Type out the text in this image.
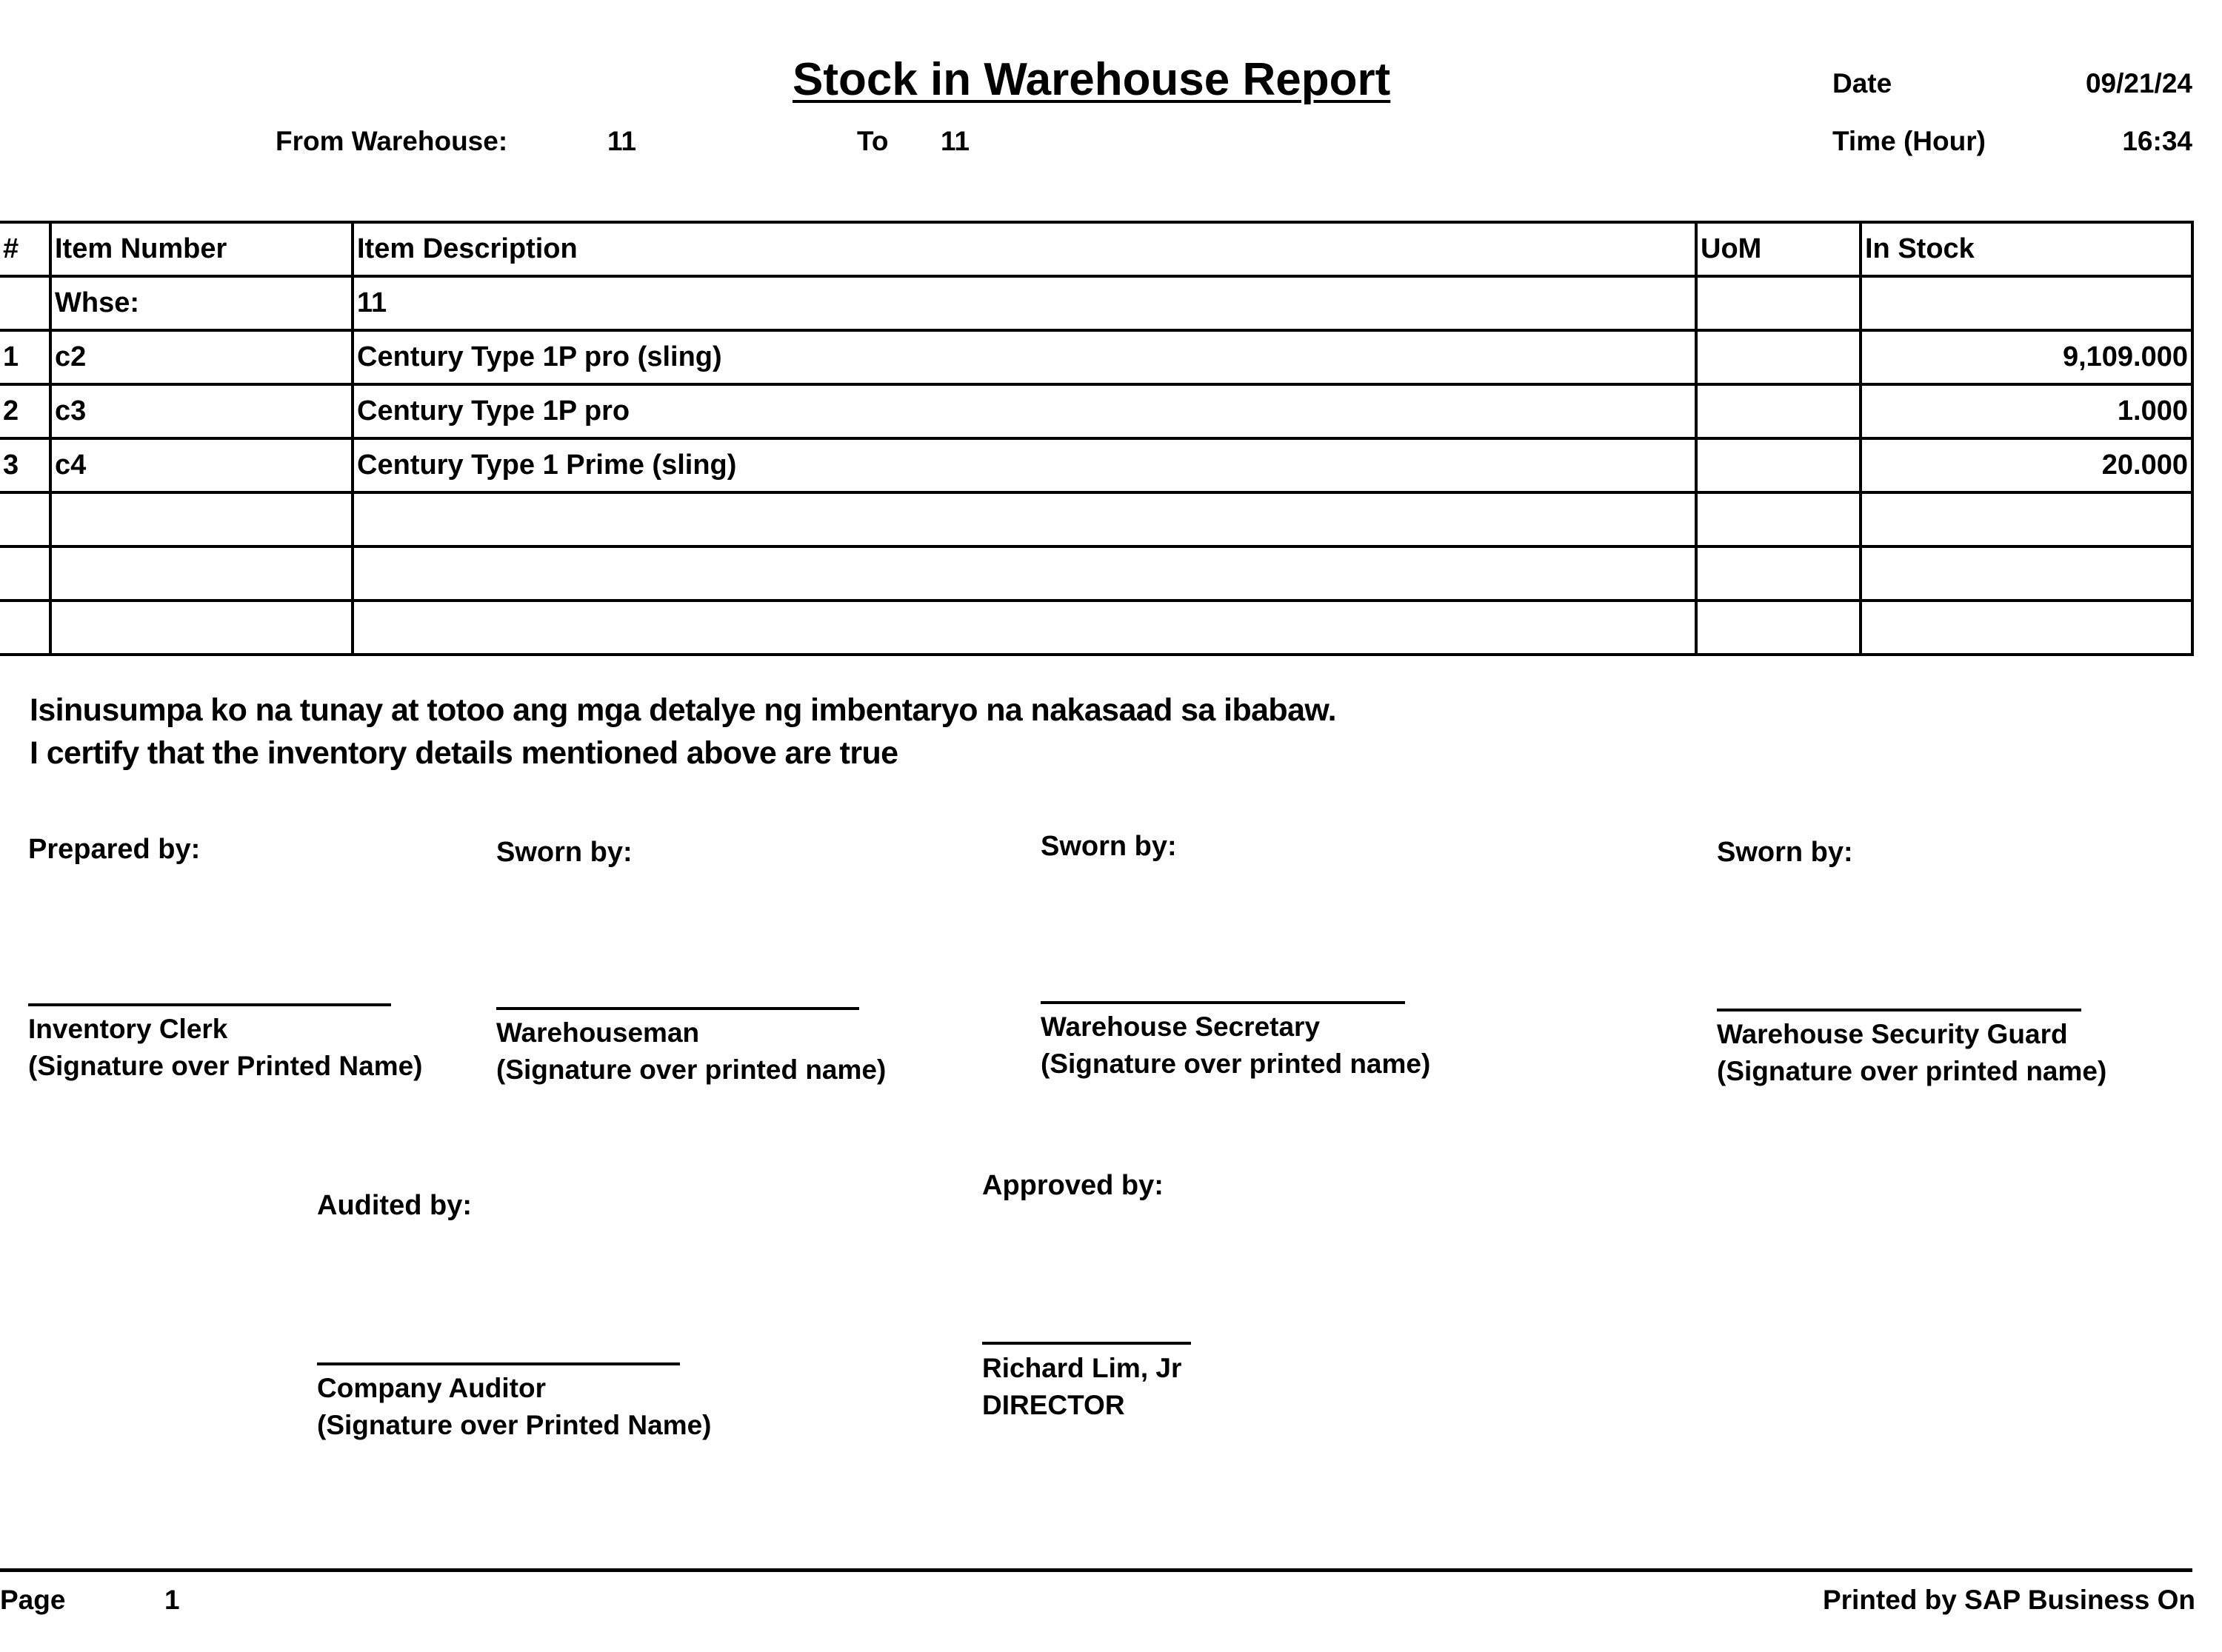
Stock in Warehouse Report	Date	09/21/24
Time (Hour)	16:34
From Warehouse:	11	To 11
#	Item Number	Item Description	UoM	In Stock
	Whse:	11		
1	c2	Century Type 1P pro (sling)		9,109.000
2	c3	Century Type 1P pro		1.000
3	c4	Century Type 1 Prime (sling)		20.000

Isinusumpa ko na tunay at totoo ang mga detalye ng imbentaryo na nakasaad sa ibabaw.
I certify that the inventory details mentioned above are true
Prepared by:
Inventory Clerk
(Signature over Printed Name)
Sworn by:
Warehouseman
(Signature over printed name)
Sworn by:
Warehouse Secretary
(Signature over printed name)
Sworn by:
Warehouse Security Guard
(Signature over printed name)
Audited by:
Company Auditor
(Signature over Printed Name)
Approved by:
Richard Lim, Jr
DIRECTOR
Page	1	Printed by SAP Business On
